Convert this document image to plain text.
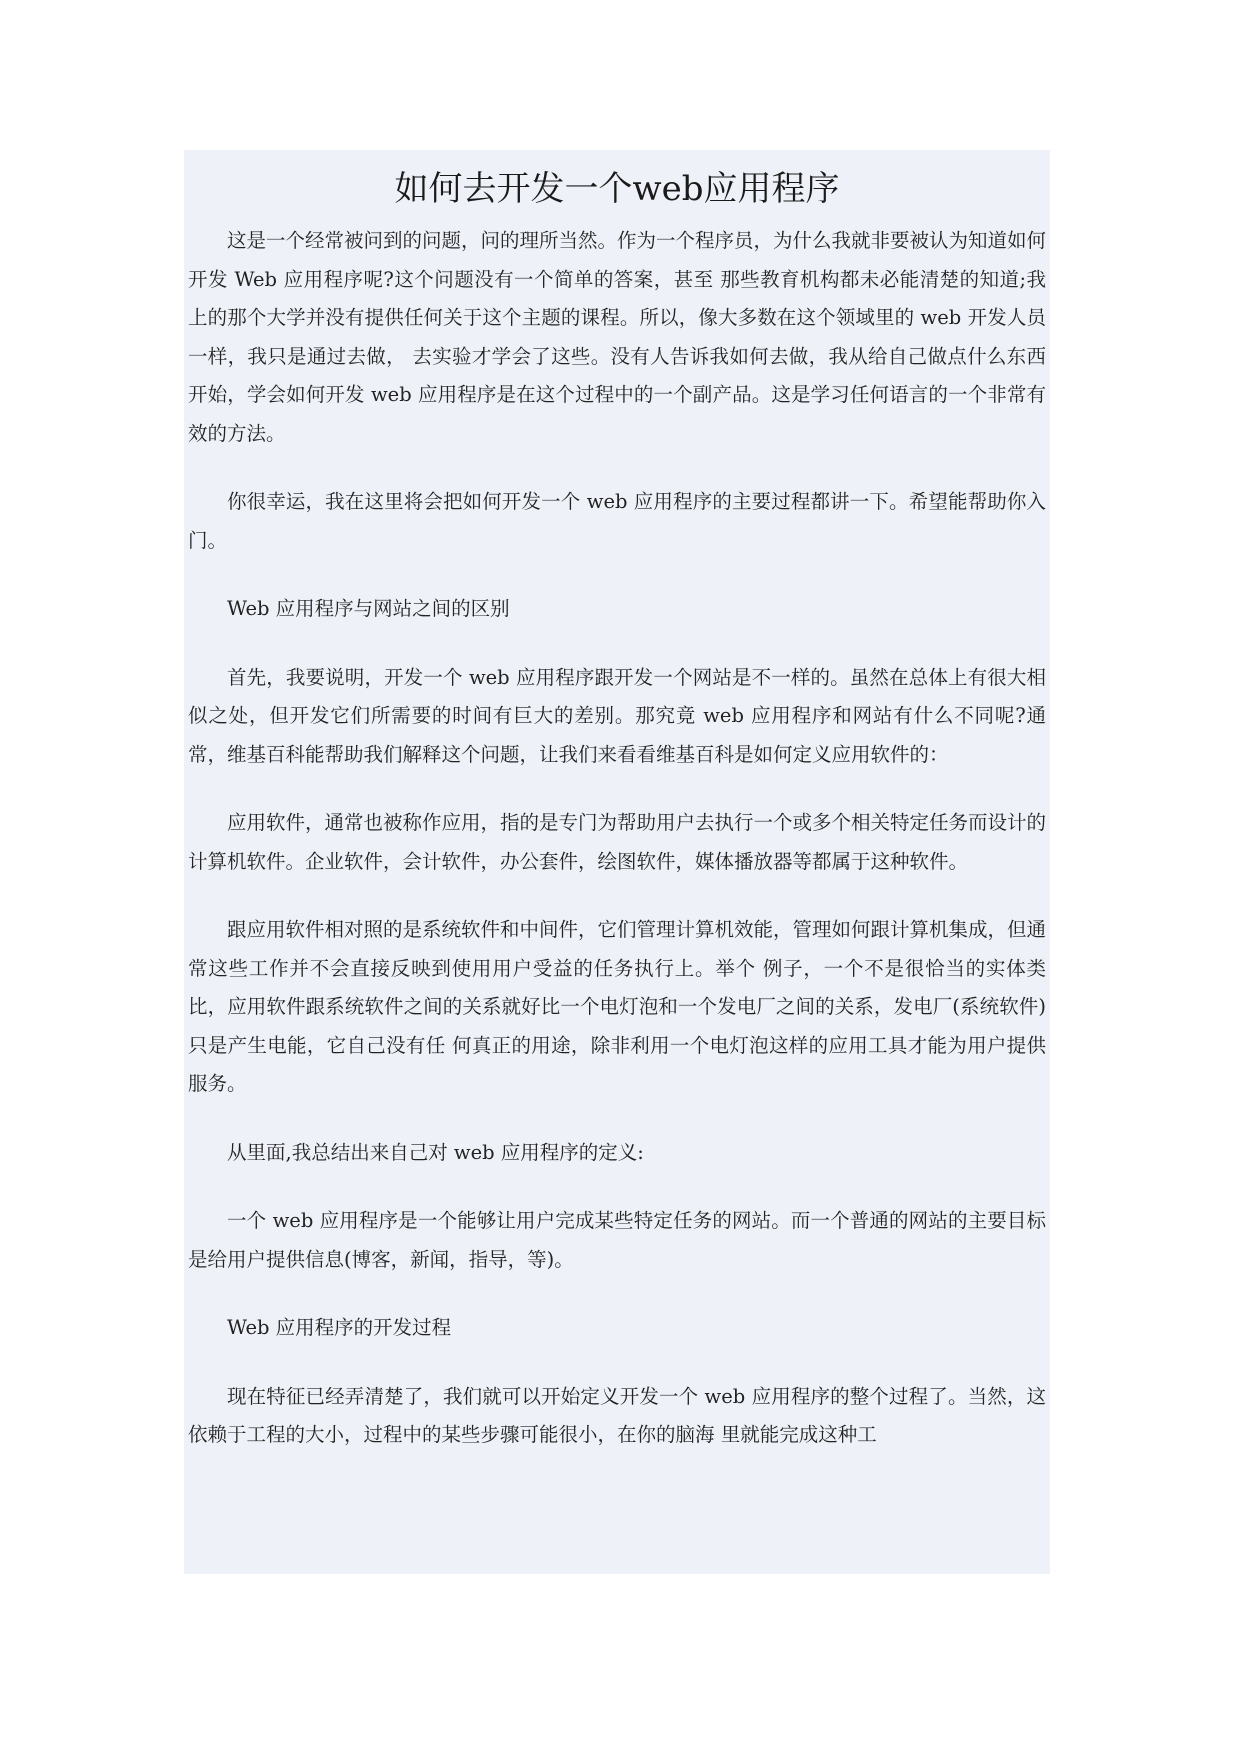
如何去开发一个web应用程序

这是一个经常被问到的问题，问的理所当然。作为一个程序员，为什么我就非要被认为知道如何开发 Web 应用程序呢?这个问题没有一个简单的答案，甚至 那些教育机构都未必能清楚的知道;我上的那个大学并没有提供任何关于这个主题的课程。所以，像大多数在这个领域里的 web 开发人员一样，我只是通过去做， 去实验才学会了这些。没有人告诉我如何去做，我从给自己做点什么东西开始，学会如何开发 web 应用程序是在这个过程中的一个副产品。这是学习任何语言的一个非常有效的方法。

你很幸运，我在这里将会把如何开发一个 web 应用程序的主要过程都讲一下。希望能帮助你入门。

Web 应用程序与网站之间的区别

首先，我要说明，开发一个 web 应用程序跟开发一个网站是不一样的。虽然在总体上有很大相似之处，但开发它们所需要的时间有巨大的差别。那究竟 web 应用程序和网站有什么不同呢?通常，维基百科能帮助我们解释这个问题，让我们来看看维基百科是如何定义应用软件的：

应用软件，通常也被称作应用，指的是专门为帮助用户去执行一个或多个相关特定任务而设计的计算机软件。企业软件，会计软件，办公套件，绘图软件，媒体播放器等都属于这种软件。

跟应用软件相对照的是系统软件和中间件，它们管理计算机效能，管理如何跟计算机集成，但通常这些工作并不会直接反映到使用用户受益的任务执行上。举个 例子，一个不是很恰当的实体类比，应用软件跟系统软件之间的关系就好比一个电灯泡和一个发电厂之间的关系，发电厂(系统软件)只是产生电能，它自己没有任 何真正的用途，除非利用一个电灯泡这样的应用工具才能为用户提供服务。

从里面,我总结出来自己对 web 应用程序的定义:

一个 web 应用程序是一个能够让用户完成某些特定任务的网站。而一个普通的网站的主要目标是给用户提供信息(博客，新闻，指导，等)。

Web 应用程序的开发过程

现在特征已经弄清楚了，我们就可以开始定义开发一个 web 应用程序的整个过程了。当然，这依赖于工程的大小，过程中的某些步骤可能很小，在你的脑海 里就能完成这种工
